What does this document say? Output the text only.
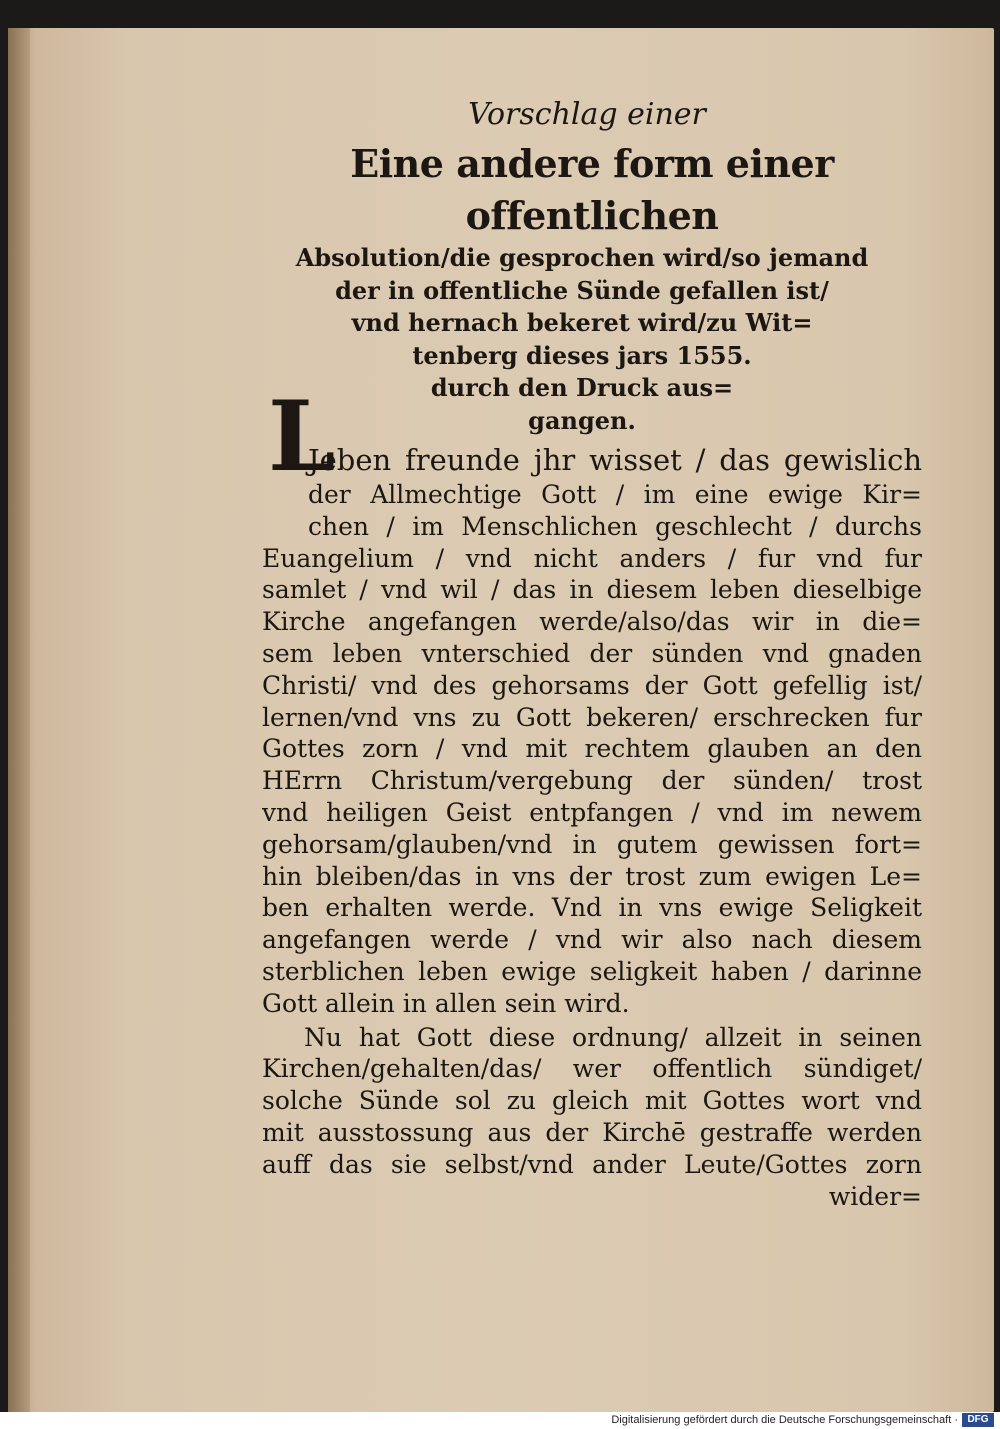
L
Vorschlag einer
Eine andere form einer offentlichen
Absolution/die gesprochen wird/so jemand
der in offentliche Sünde gefallen ist/
vnd hernach bekeret wird/zu Wit=
tenberg dieses jars 1555.
durch den Druck aus=
gangen.
Jeben freunde jhr wisset / das gewislich
der Allmechtige Gott / im eine ewige Kir=
chen / im Menschlichen geschlecht / durchs
Euangelium / vnd nicht anders / fur vnd fur
samlet / vnd wil / das in diesem leben dieselbige
Kirche angefangen werde/also/das wir in die=
sem leben vnterschied der sünden vnd gnaden
Christi/ vnd des gehorsams der Gott gefellig ist/
lernen/vnd vns zu Gott bekeren/ erschrecken fur
Gottes zorn / vnd mit rechtem glauben an den
HErrn Christum/vergebung der sünden/ trost
vnd heiligen Geist entpfangen / vnd im newem
gehorsam/glauben/vnd in gutem gewissen fort=
hin bleiben/das in vns der trost zum ewigen Le=
ben erhalten werde. Vnd in vns ewige Seligkeit
angefangen werde / vnd wir also nach diesem
sterblichen leben ewige seligkeit haben / darinne
Gott allein in allen sein wird.
Nu hat Gott diese ordnung/ allzeit in seinen
Kirchen/gehalten/das/ wer offentlich sündiget/
solche Sünde sol zu gleich mit Gottes wort vnd
mit ausstossung aus der Kirchē gestraffe werden
auff das sie selbst/vnd ander Leute/Gottes zorn
wider=
Digitalisierung gefördert durch die Deutsche Forschungsgemeinschaft · DFG
